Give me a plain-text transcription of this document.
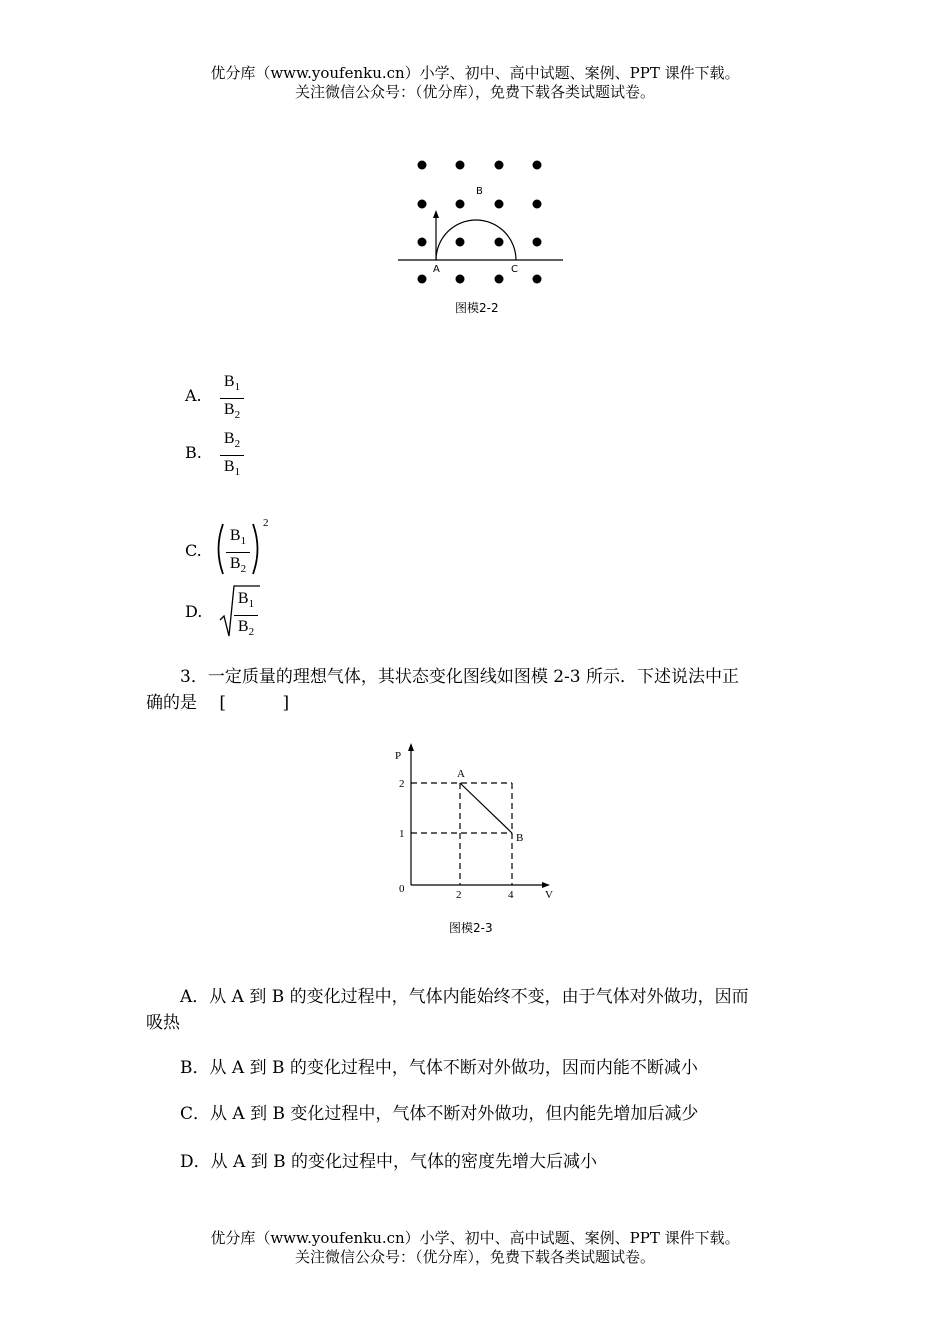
优分库（www.youfenku.cn）小学、初中、高中试题、案例、PPT 课件下载。
关注微信公众号：（优分库），免费下载各类试题试卷。
B
A	C
图模2-2
A.
$B_1$
$B_2$
B.
$B_2$
$B_1$
C.
$B_1$
$B_2$
2
D.
$B_1$
$B_2$
3．一定质量的理想气体，其状态变化图线如图模 2-3 所示．下述说法中正
确的是　 [　　　 ]
P
V
0
2
1
2	4
A
B
图模2-3
A．从 A 到 B 的变化过程中，气体内能始终不变，由于气体对外做功，因而
吸热
B．从 A 到 B 的变化过程中，气体不断对外做功，因而内能不断减小
C．从 A 到 B 变化过程中，气体不断对外做功，但内能先增加后减少
D．从 A 到 B 的变化过程中，气体的密度先增大后减小
优分库（www.youfenku.cn）小学、初中、高中试题、案例、PPT 课件下载。
关注微信公众号：（优分库），免费下载各类试题试卷。
